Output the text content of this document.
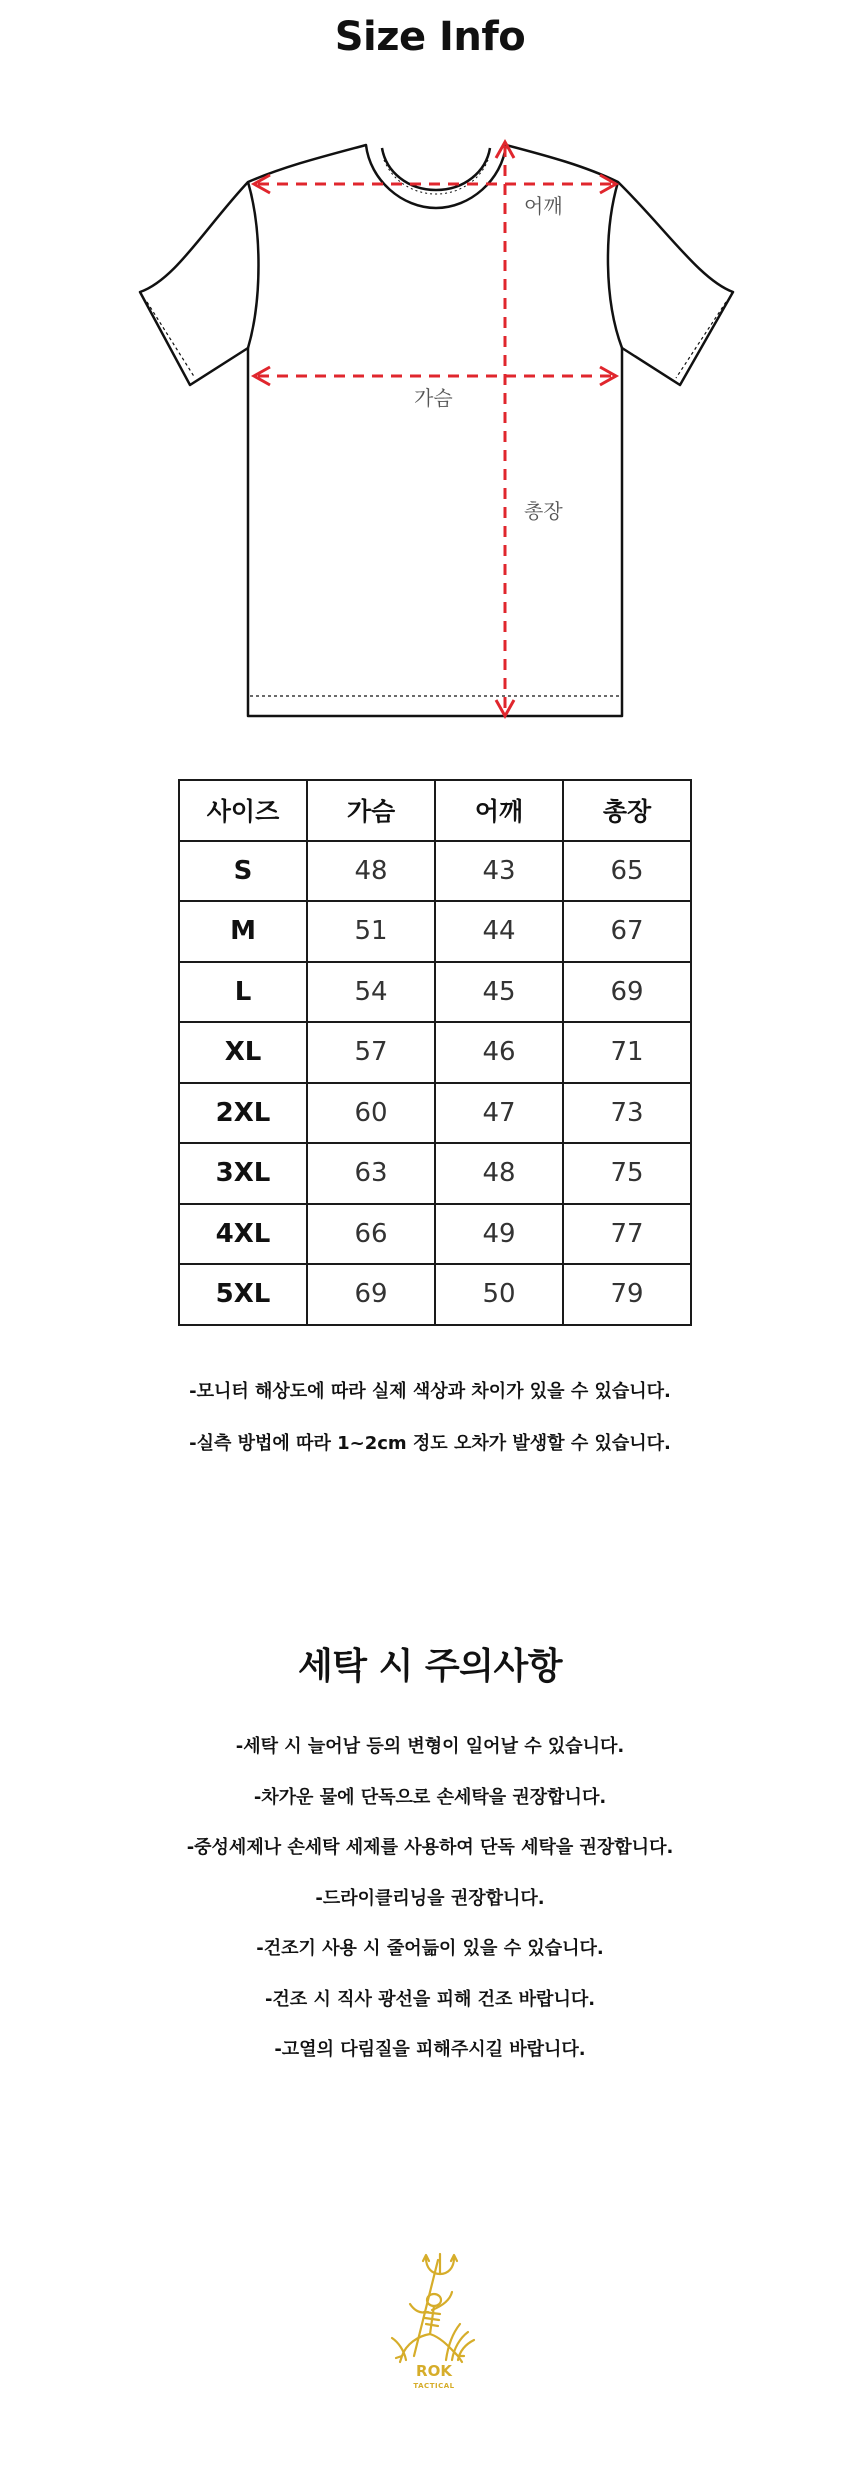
Size Info
어깨
가슴
총장
사이즈	가슴	어깨	총장
S	48	43	65
M	51	44	67
L	54	45	69
XL	57	46	71
2XL	60	47	73
3XL	63	48	75
4XL	66	49	77
5XL	69	50	79
-모니터 해상도에 따라 실제 색상과 차이가 있을 수 있습니다.
-실측 방법에 따라 1~2cm 정도 오차가 발생할 수 있습니다.
세탁 시 주의사항
-세탁 시 늘어남 등의 변형이 일어날 수 있습니다.
-차가운 물에 단독으로 손세탁을 권장합니다.
-중성세제나 손세탁 세제를 사용하여 단독 세탁을 권장합니다.
-드라이클리닝을 권장합니다.
-건조기 사용 시 줄어듦이 있을 수 있습니다.
-건조 시 직사 광선을 피해 건조 바랍니다.
-고열의 다림질을 피해주시길 바랍니다.
ROK
TACTICAL
